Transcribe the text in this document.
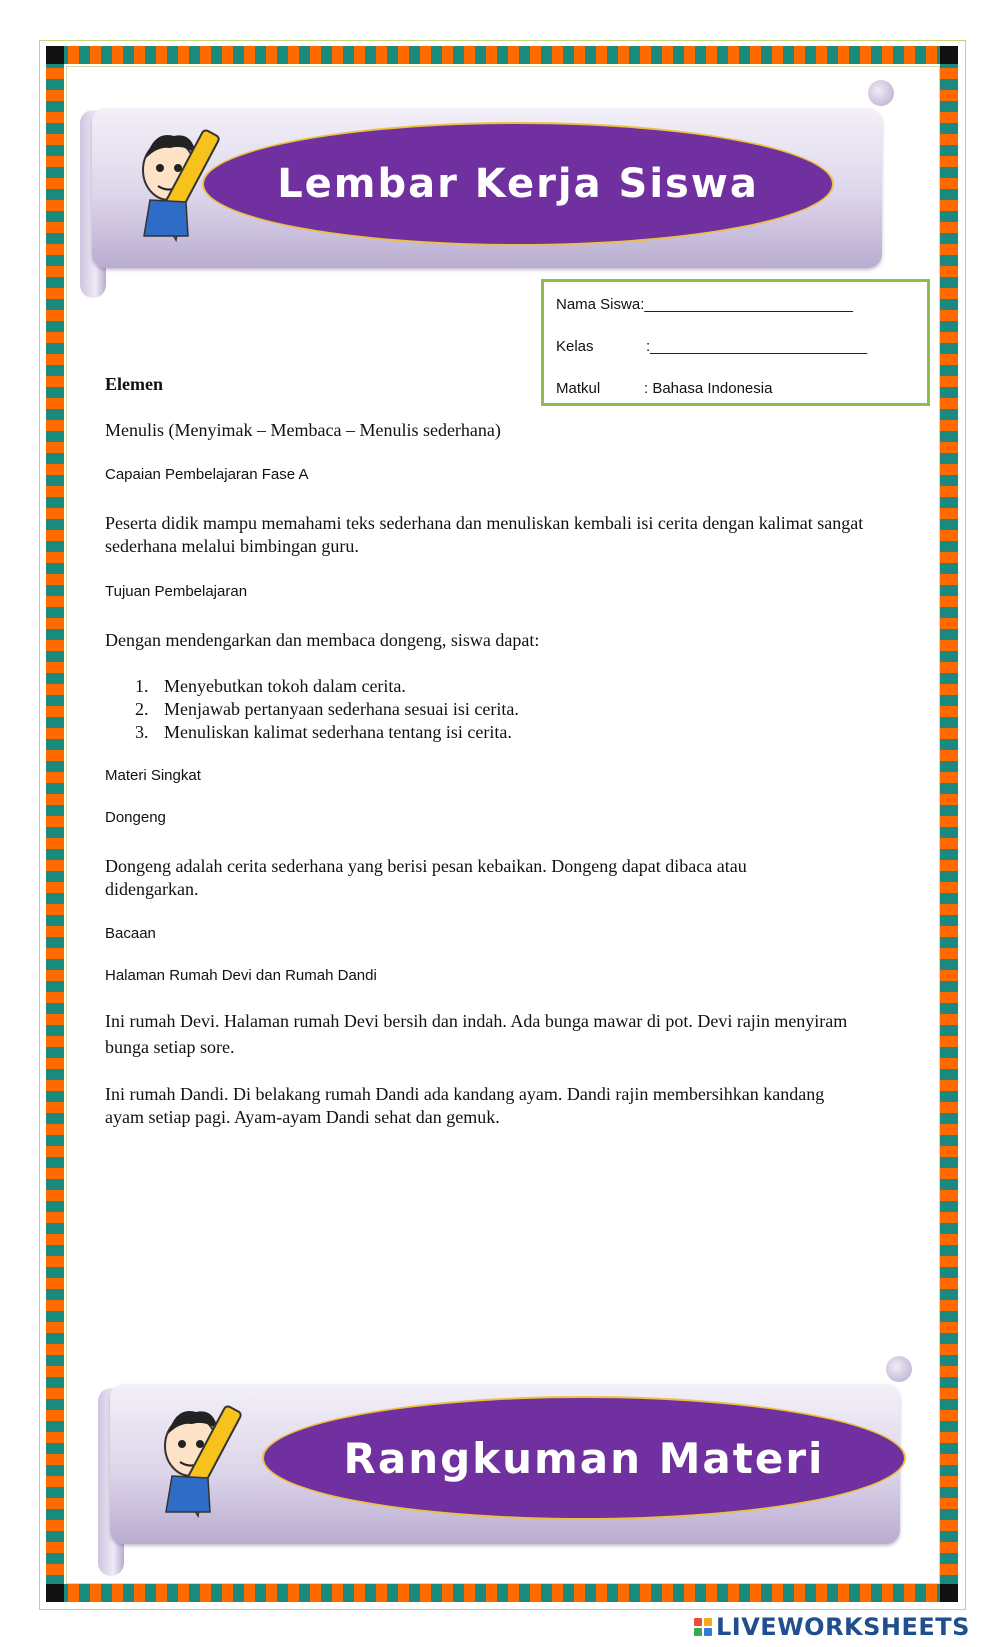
Lembar Kerja Siswa
Nama Siswa:_________________________
Kelas	:__________________________
Matkul	: Bahasa Indonesia
Elemen
Menulis (Menyimak – Membaca – Menulis sederhana)
Capaian Pembelajaran Fase A
Peserta didik mampu memahami teks sederhana dan menuliskan kembali isi cerita dengan kalimat sangat sederhana melalui bimbingan guru.
Tujuan Pembelajaran
Dengan mendengarkan dan membaca dongeng, siswa dapat:
1. Menyebutkan tokoh dalam cerita.
2. Menjawab pertanyaan sederhana sesuai isi cerita.
3. Menuliskan kalimat sederhana tentang isi cerita.
Materi Singkat
Dongeng
Dongeng adalah cerita sederhana yang berisi pesan kebaikan. Dongeng dapat dibaca atau didengarkan.
Bacaan
Halaman Rumah Devi dan Rumah Dandi
Ini rumah Devi. Halaman rumah Devi bersih dan indah. Ada bunga mawar di pot. Devi rajin menyiram bunga setiap sore.
Ini rumah Dandi. Di belakang rumah Dandi ada kandang ayam. Dandi rajin membersihkan kandang ayam setiap pagi. Ayam-ayam Dandi sehat dan gemuk.
Rangkuman Materi
LIVEWORKSHEETS
